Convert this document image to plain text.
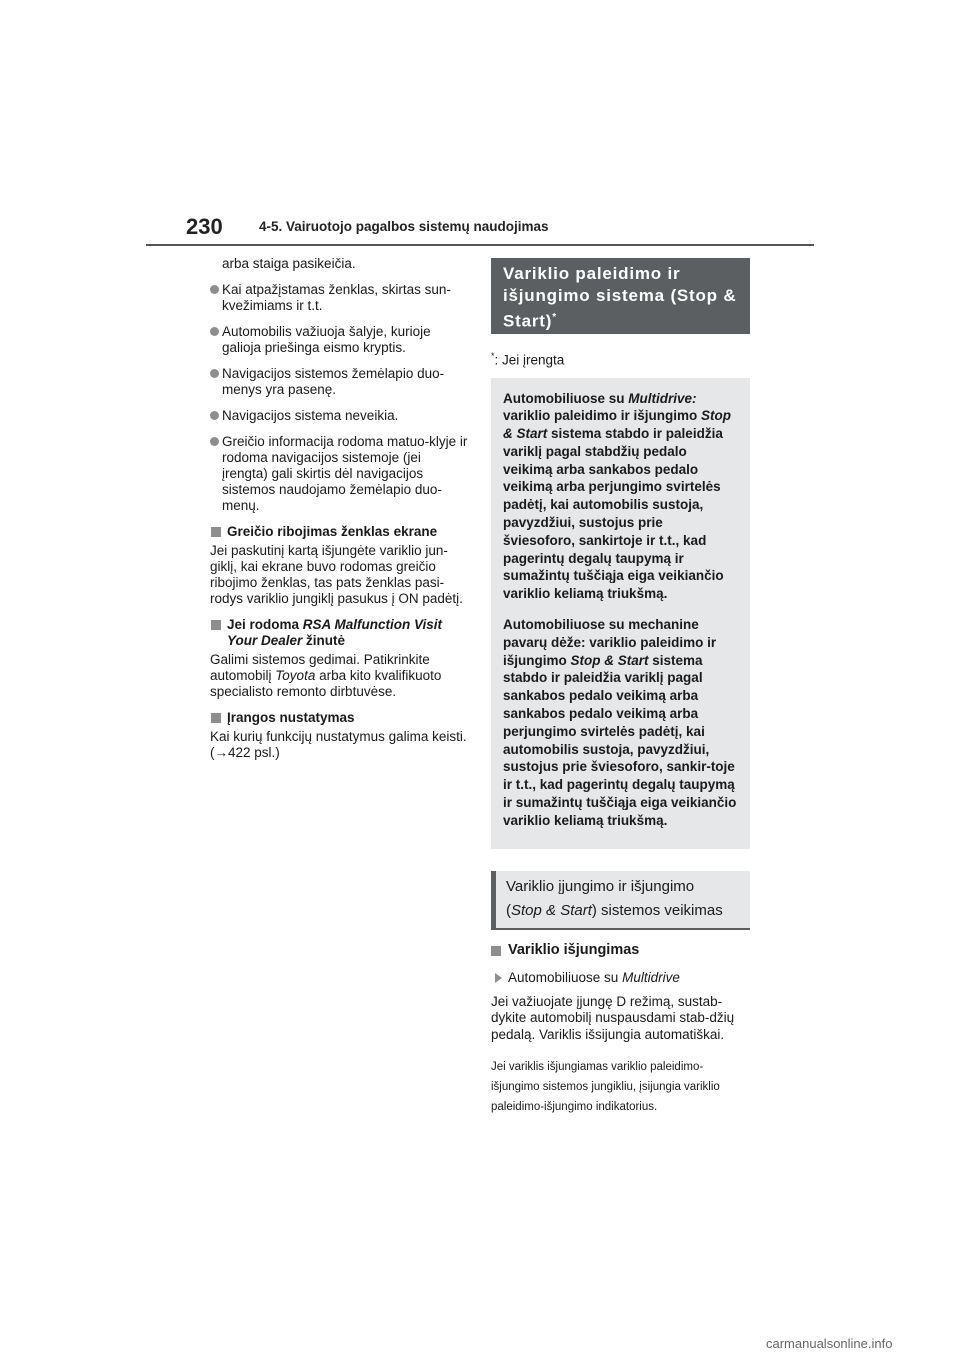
230	4-5. Vairuotojo pagalbos sistemų naudojimas

arba staiga pasikeičia.

Kai atpažįstamas ženklas, skirtas sun-kvežimiams ir t.t.
Automobilis važiuoja šalyje, kurioje galioja priešinga eismo kryptis.
Navigacijos sistemos žemėlapio duo-menys yra pasenę.
Navigacijos sistema neveikia.
Greičio informacija rodoma matuo-klyje ir rodoma navigacijos sistemoje (jei įrengta) gali skirtis dėl navigacijos sistemos naudojamo žemėlapio duo-menų.
Greičio ribojimas ženklas ekrane

Jei paskutinį kartą išjungėte variklio jun-giklį, kai ekrane buvo rodomas greičio ribojimo ženklas, tas pats ženklas pasi-rodys variklio jungiklį pasukus į ON padėtį.

Jei rodoma RSA Malfunction Visit Your Dealer žinutė

Galimi sistemos gedimai. Patikrinkite automobilį Toyota arba kito kvalifikuoto specialisto remonto dirbtuvėse.

Įrangos nustatymas

Kai kurių funkcijų nustatymus galima keisti. (→422 psl.)

Variklio paleidimo ir išjungimo sistema (Stop & Start)*

*: Jei įrengta

Automobiliuose su Multidrive: variklio paleidimo ir išjungimo Stop & Start sistema stabdo ir paleidžia variklį pagal stabdžių pedalo veikimą arba sankabos pedalo veikimą arba perjungimo svirtelės padėtį, kai automobilis sustoja, pavyzdžiui, sustojus prie šviesoforo, sankirtoje ir t.t., kad pagerintų degalų taupymą ir sumažintų tuščiąja eiga veikiančio variklio keliamą triukšmą.

Automobiliuose su mechanine pavarų dėže: variklio paleidimo ir išjungimo Stop & Start sistema stabdo ir paleidžia variklį pagal sankabos pedalo veikimą arba sankabos pedalo veikimą arba perjungimo svirtelės padėtį, kai automobilis sustoja, pavyzdžiui, sustojus prie šviesoforo, sankir-toje ir t.t., kad pagerintų degalų taupymą ir sumažintų tuščiąja eiga veikiančio variklio keliamą triukšmą.

Variklio įjungimo ir išjungimo
(Stop & Start) sistemos veikimas
Variklio išjungimas
Automobiliuose su Multidrive

Jei važiuojate įjungę D režimą, sustab-dykite automobilį nuspausdami stab-džių pedalą. Variklis išsijungia automatiškai.

Jei variklis išjungiamas variklio paleidimo-išjungimo sistemos jungikliu, įsijungia variklio paleidimo-išjungimo indikatorius.

carmanualsonline.info
